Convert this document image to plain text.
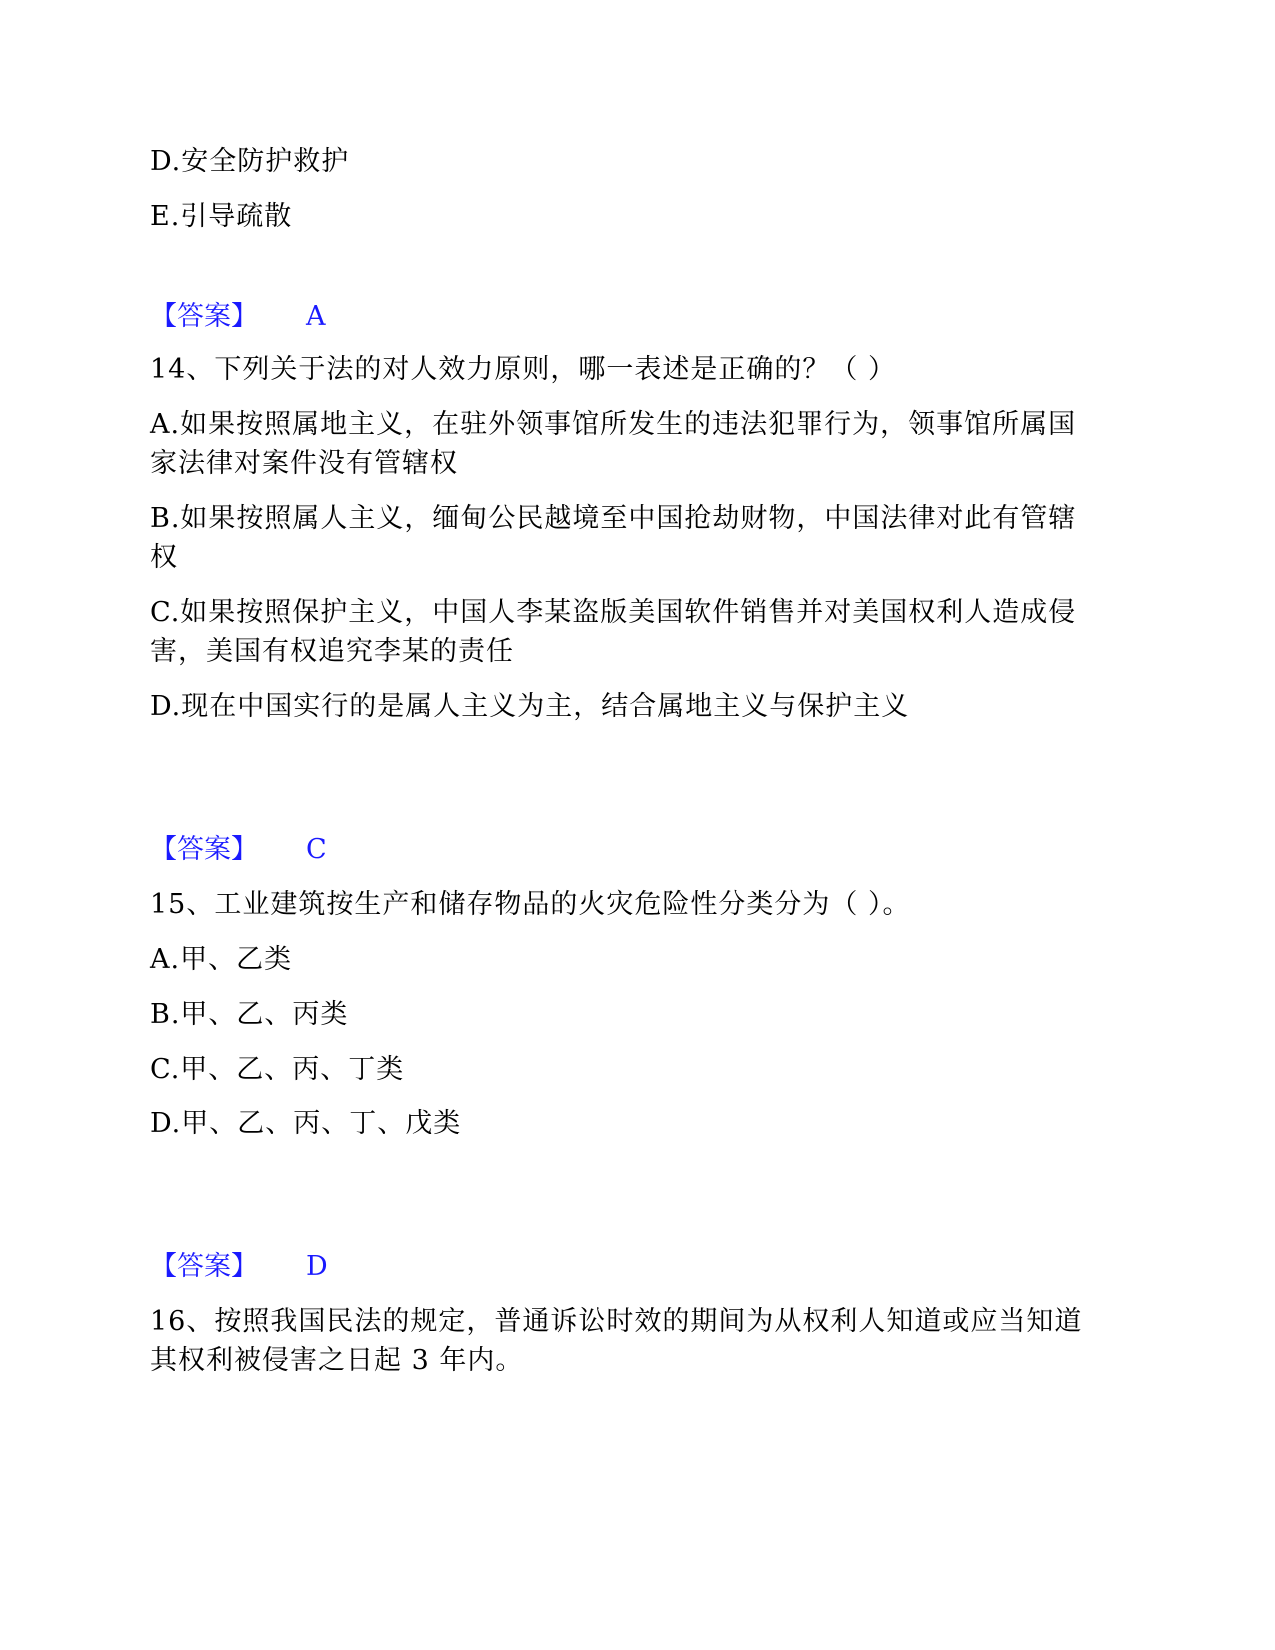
D.安全防护救护
E.引导疏散
【答案】 A
14、下列关于法的对人效力原则，哪一表述是正确的？（ ）
A.如果按照属地主义，在驻外领事馆所发生的违法犯罪行为，领事馆所属国
家法律对案件没有管辖权
B.如果按照属人主义，缅甸公民越境至中国抢劫财物，中国法律对此有管辖
权
C.如果按照保护主义，中国人李某盗版美国软件销售并对美国权利人造成侵
害，美国有权追究李某的责任
D.现在中国实行的是属人主义为主，结合属地主义与保护主义
【答案】 C
15、工业建筑按生产和储存物品的火灾危险性分类分为（ ）。
A.甲、乙类
B.甲、乙、丙类
C.甲、乙、丙、丁类
D.甲、乙、丙、丁、戊类
【答案】 D
16、按照我国民法的规定，普通诉讼时效的期间为从权利人知道或应当知道
其权利被侵害之日起 3 年内。
